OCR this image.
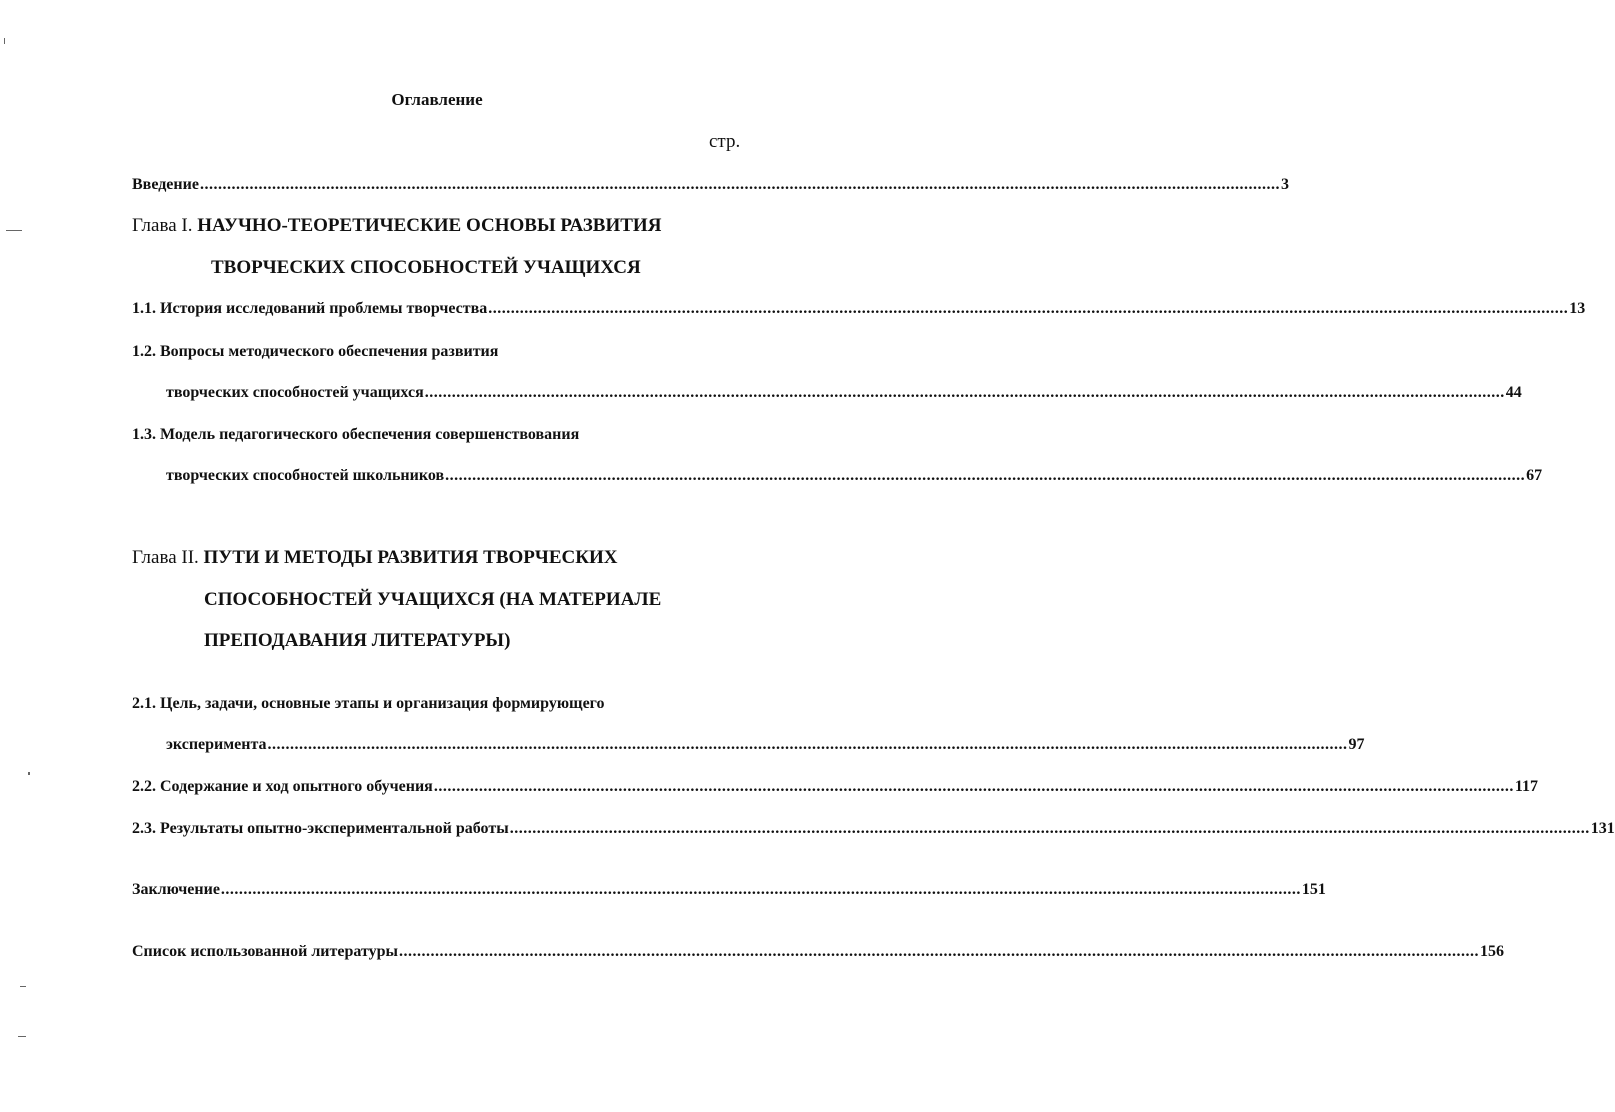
Оглавление
стр.
Введение ................................................................................................................................................................................................................................................ 3
Глава I. НАУЧНО-ТЕОРЕТИЧЕСКИЕ ОСНОВЫ РАЗВИТИЯ
ТВОРЧЕСКИХ СПОСОБНОСТЕЙ УЧАЩИХСЯ
1.1. История исследований проблемы творчества ................................................................................................................................................................................................................................................ 13
1.2. Вопросы методического обеспечения развития
творческих способностей учащихся ................................................................................................................................................................................................................................................ 44
1.3. Модель педагогического обеспечения совершенствования
творческих способностей школьников ................................................................................................................................................................................................................................................ 67
Глава II. ПУТИ И МЕТОДЫ РАЗВИТИЯ ТВОРЧЕСКИХ
СПОСОБНОСТЕЙ УЧАЩИХСЯ (НА МАТЕРИАЛЕ
ПРЕПОДАВАНИЯ ЛИТЕРАТУРЫ)
2.1. Цель, задачи, основные этапы и организация формирующего
эксперимента ................................................................................................................................................................................................................................................ 97
2.2. Содержание и ход опытного обучения ................................................................................................................................................................................................................................................ 117
2.3. Результаты опытно-экспериментальной работы ................................................................................................................................................................................................................................................ 131
Заключение ................................................................................................................................................................................................................................................ 151
Список использованной литературы ................................................................................................................................................................................................................................................ 156
